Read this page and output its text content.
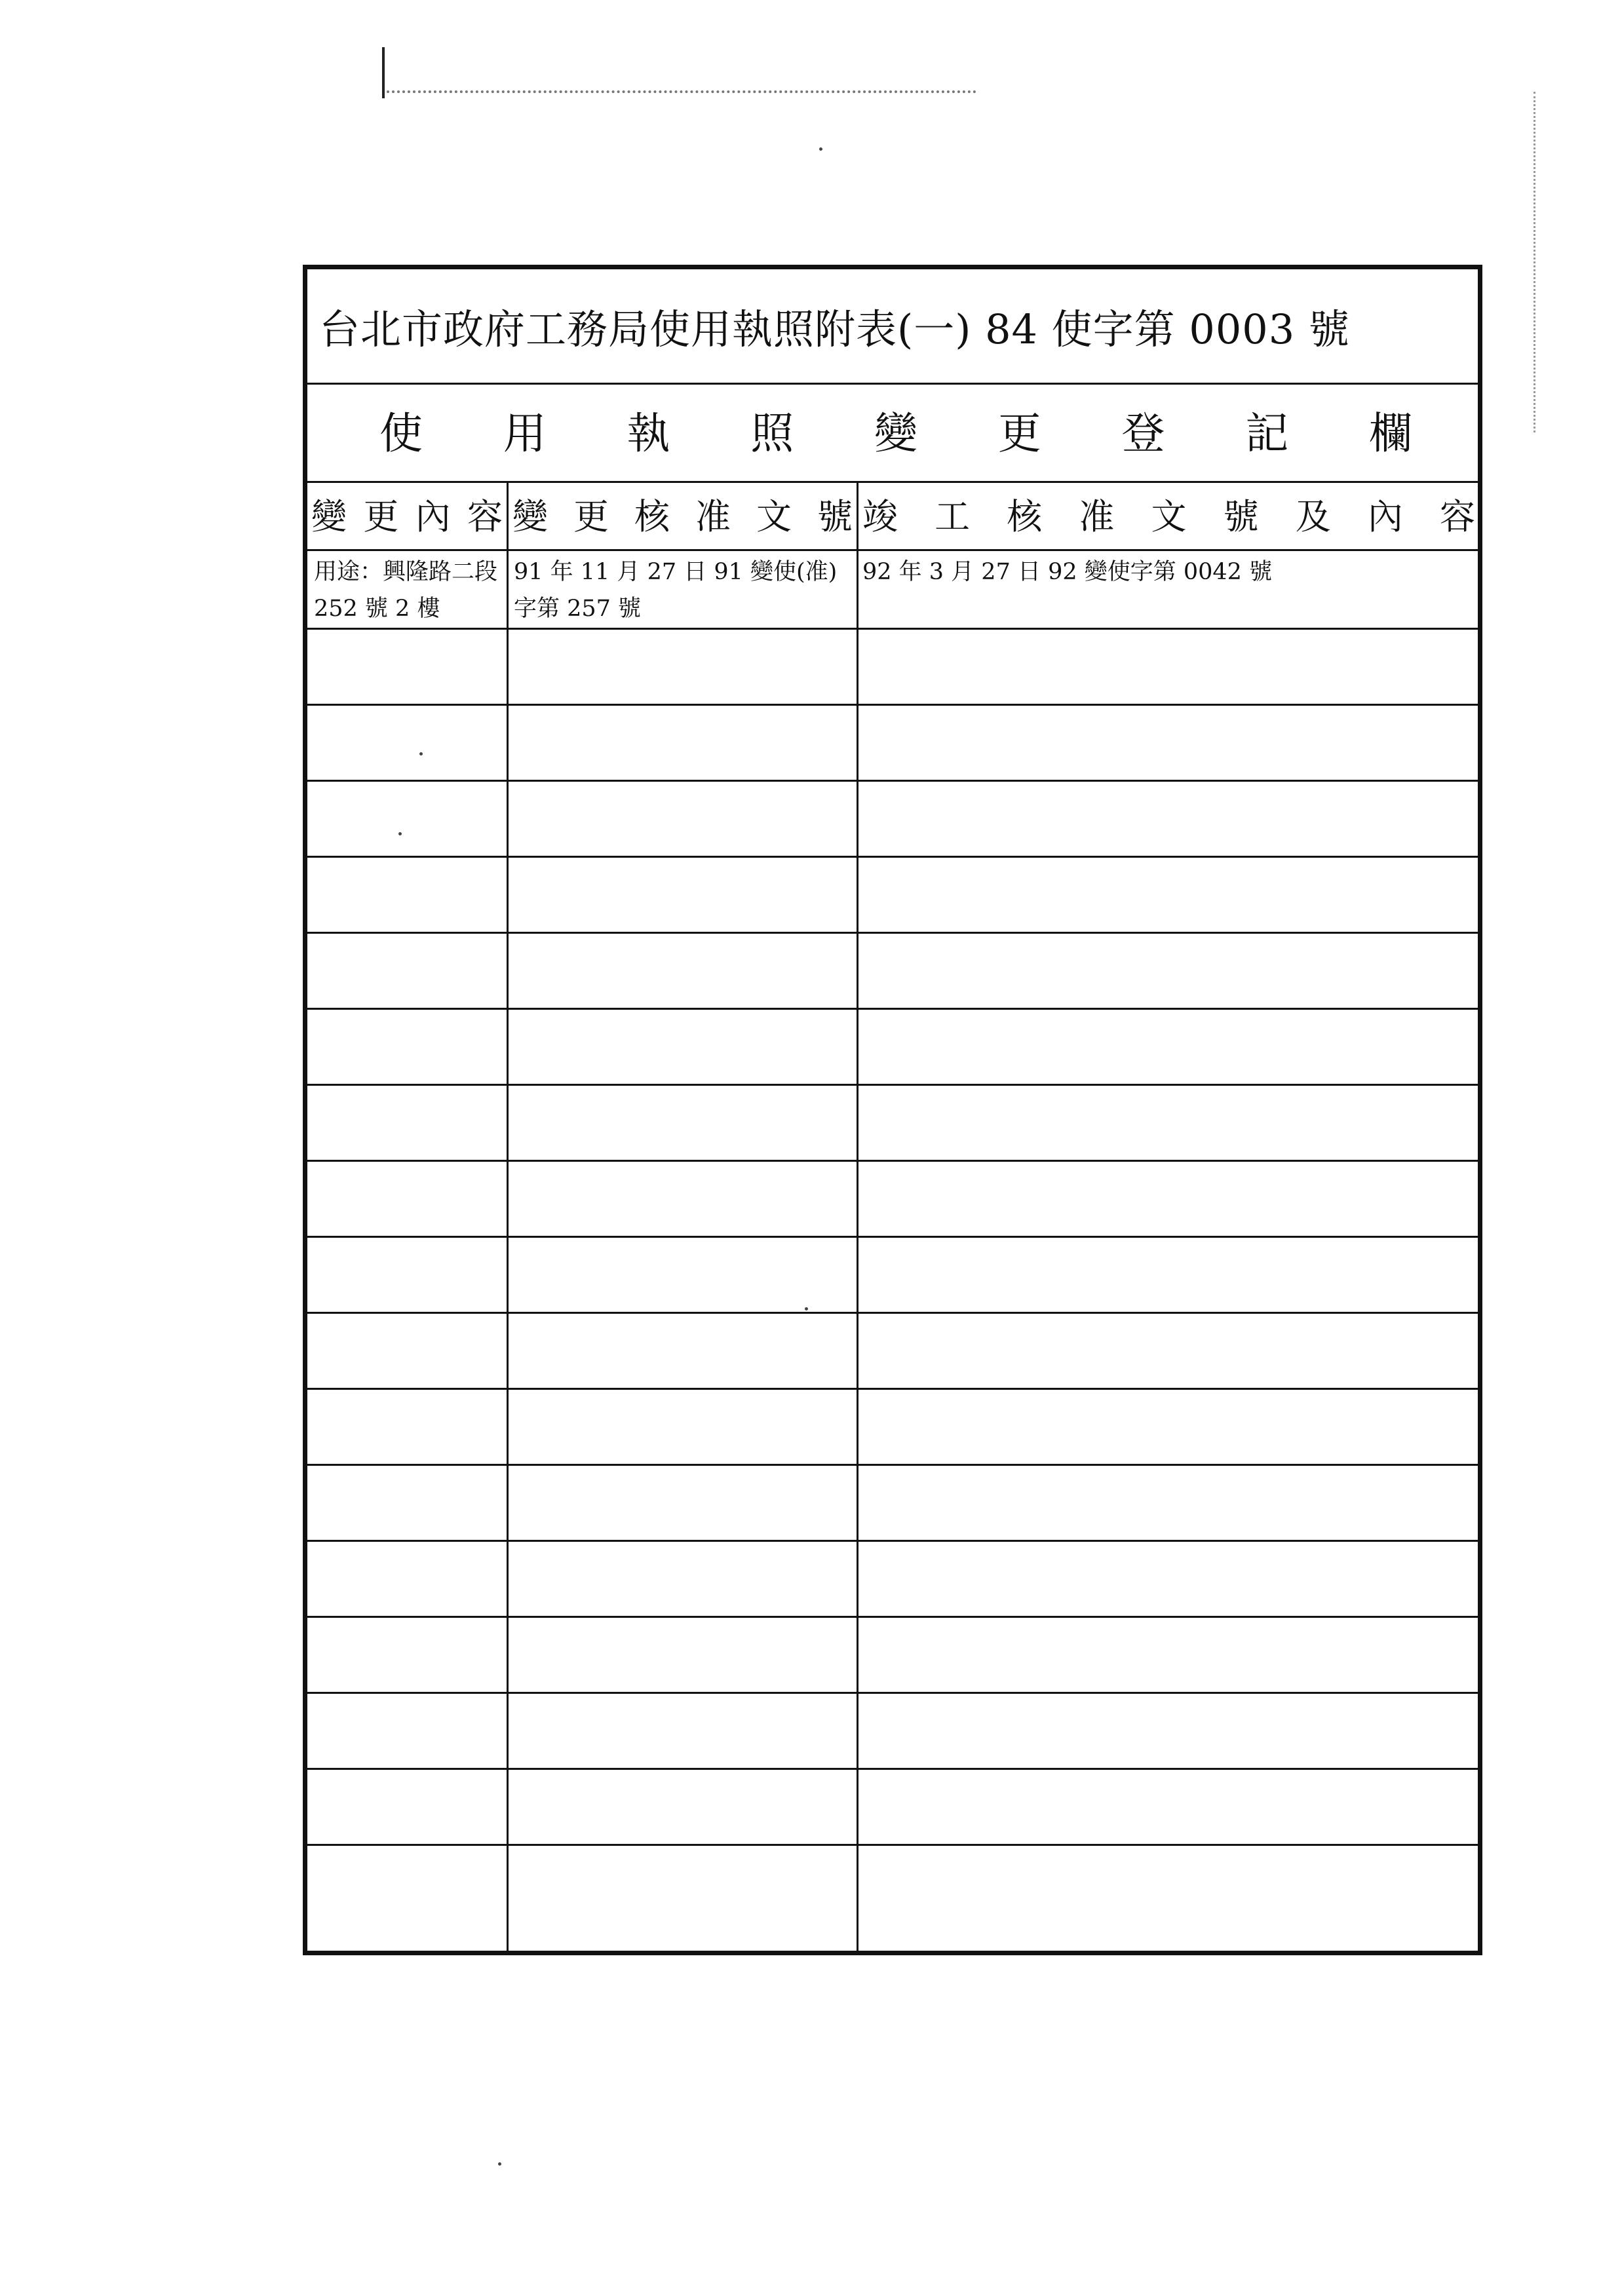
台北市政府工務局使用執照附表(一) 84 使字第 0003 號
使 用 執 照 變 更 登 記 欄
變 更 內 容 變 更 核 准 文 號 竣 工 核 准 文 號 及 內 容
用途：興隆路二段 252 號 2 樓
91 年 11 月 27 日 91 變使(准)字第 257 號
92 年 3 月 27 日 92 變使字第 0042 號
